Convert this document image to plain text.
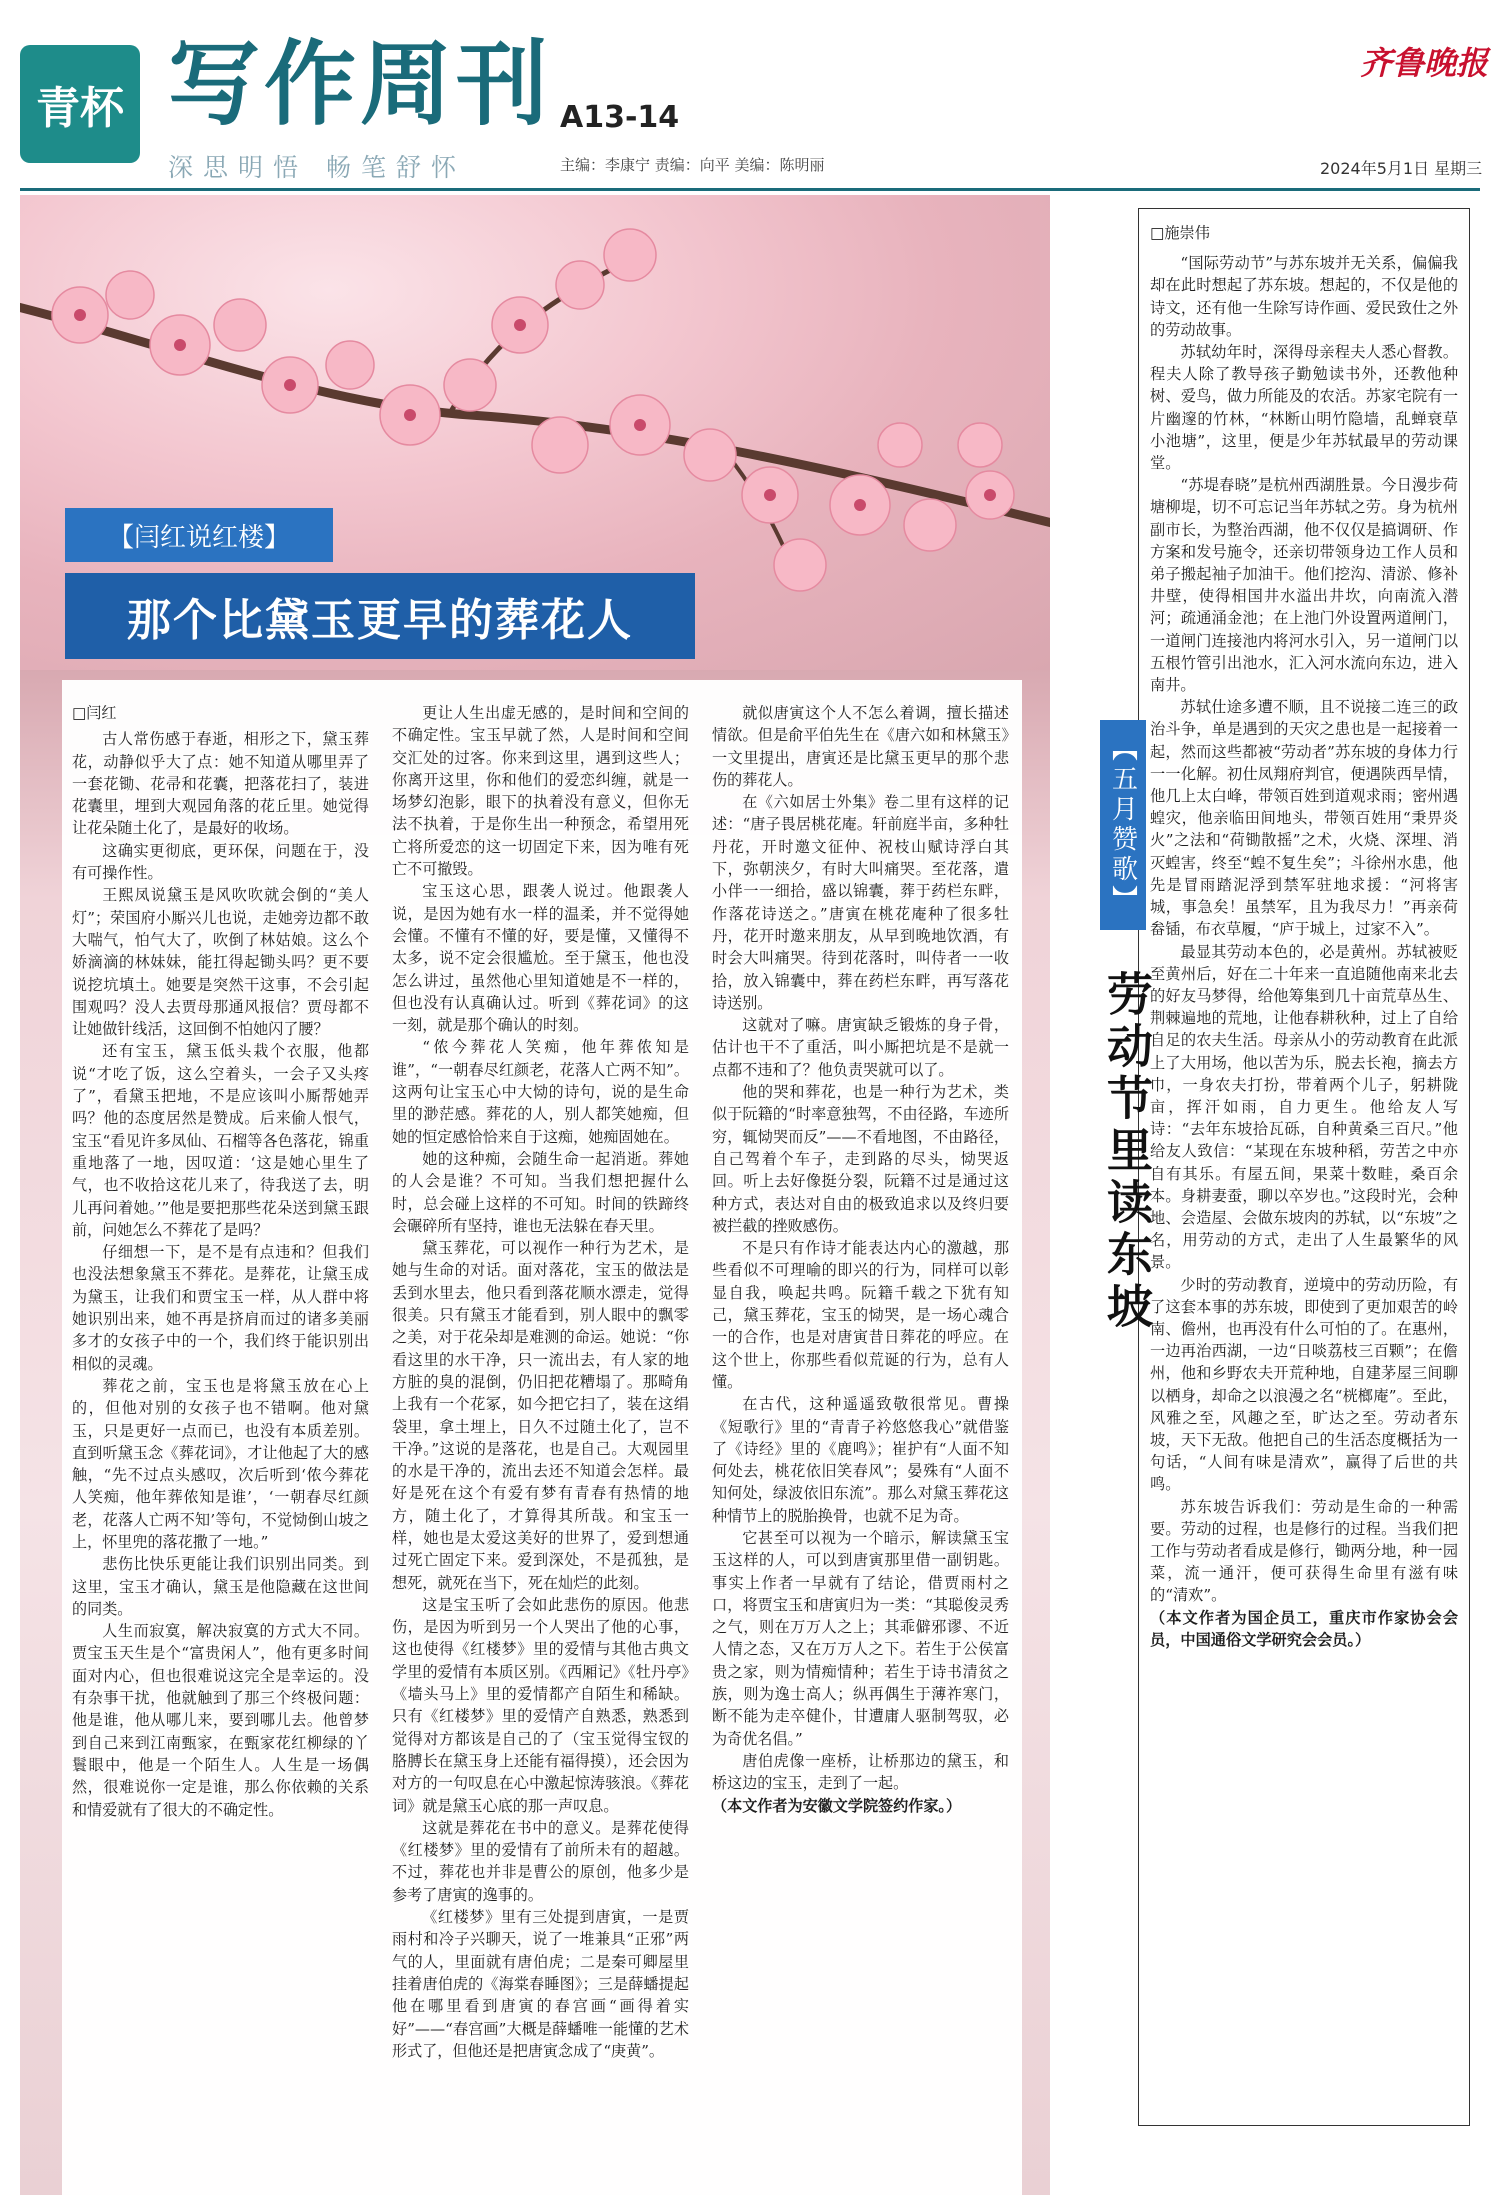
青杯 写作周刊 A13-14
深思明悟 畅笔舒怀	主编：李康宁 责编：向平 美编：陈明丽
齐鲁晚报
2024年5月1日 星期三
【闫红说红楼】
那个比黛玉更早的葬花人

□闫红

古人常伤感于春逝，相形之下，黛玉葬花，动静似乎大了点：她不知道从哪里弄了一套花锄、花帚和花囊，把落花扫了，装进花囊里，埋到大观园角落的花丘里。她觉得让花朵随土化了，是最好的收场。

这确实更彻底，更环保，问题在于，没有可操作性。

王熙凤说黛玉是风吹吹就会倒的“美人灯”；荣国府小厮兴儿也说，走她旁边都不敢大喘气，怕气大了，吹倒了林姑娘。这么个娇滴滴的林妹妹，能扛得起锄头吗？更不要说挖坑填土。她要是突然干这事，不会引起围观吗？没人去贾母那通风报信？贾母都不让她做针线活，这回倒不怕她闪了腰？

还有宝玉，黛玉低头栽个衣服，他都说“才吃了饭，这么空着头，一会子又头疼了”，看黛玉把地，不是应该叫小厮帮她弄吗？他的态度居然是赞成。后来偷人恨气，宝玉“看见许多凤仙、石榴等各色落花，锦重重地落了一地，因叹道：‘这是她心里生了气，也不收拾这花儿来了，待我送了去，明儿再问着她。’”他是要把那些花朵送到黛玉跟前，问她怎么不葬花了是吗？

仔细想一下，是不是有点违和？但我们也没法想象黛玉不葬花。是葬花，让黛玉成为黛玉，让我们和贾宝玉一样，从人群中将她识别出来，她不再是挤肩而过的诸多美丽多才的女孩子中的一个，我们终于能识别出相似的灵魂。

葬花之前，宝玉也是将黛玉放在心上的，但他对别的女孩子也不错啊。他对黛玉，只是更好一点而已，也没有本质差别。直到听黛玉念《葬花词》，才让他起了大的感触，“先不过点头感叹，次后听到‘侬今葬花人笑痴，他年葬侬知是谁’，‘一朝春尽红颜老，花落人亡两不知’等句，不觉恸倒山坡之上，怀里兜的落花撒了一地。”

悲伤比快乐更能让我们识别出同类。到这里，宝玉才确认，黛玉是他隐藏在这世间的同类。

人生而寂寞，解决寂寞的方式大不同。贾宝玉天生是个“富贵闲人”，他有更多时间面对内心，但也很难说这完全是幸运的。没有杂事干扰，他就触到了那三个终极问题：他是谁，他从哪儿来，要到哪儿去。他曾梦到自己来到江南甄家，在甄家花红柳绿的丫鬟眼中，他是一个陌生人。人生是一场偶然，很难说你一定是谁，那么你依赖的关系和情爱就有了很大的不确定性。

更让人生出虚无感的，是时间和空间的不确定性。宝玉早就了然，人是时间和空间交汇处的过客。你来到这里，遇到这些人；你离开这里，你和他们的爱恋纠缠，就是一场梦幻泡影，眼下的执着没有意义，但你无法不执着，于是你生出一种预念，希望用死亡将所爱恋的这一切固定下来，因为唯有死亡不可撤毁。

宝玉这心思，跟袭人说过。他跟袭人说，是因为她有水一样的温柔，并不觉得她会懂。不懂有不懂的好，要是懂，又懂得不太多，说不定会很尴尬。至于黛玉，他也没怎么讲过，虽然他心里知道她是不一样的，但也没有认真确认过。听到《葬花词》的这一刻，就是那个确认的时刻。

“侬今葬花人笑痴，他年葬侬知是谁”，“一朝春尽红颜老，花落人亡两不知”。这两句让宝玉心中大恸的诗句，说的是生命里的渺茫感。葬花的人，别人都笑她痴，但她的恒定感恰恰来自于这痴，她痴固她在。

她的这种痴，会随生命一起消逝。葬她的人会是谁？不可知。当我们想把握什么时，总会碰上这样的不可知。时间的铁蹄终会碾碎所有坚持，谁也无法躲在春天里。

黛玉葬花，可以视作一种行为艺术，是她与生命的对话。面对落花，宝玉的做法是丢到水里去，他只看到落花顺水漂走，觉得很美。只有黛玉才能看到，别人眼中的飘零之美，对于花朵却是难测的命运。她说：“你看这里的水干净，只一流出去，有人家的地方脏的臭的混倒，仍旧把花糟塌了。那畸角上我有一个花冢，如今把它扫了，装在这绢袋里，拿土埋上，日久不过随土化了，岂不干净。”这说的是落花，也是自己。大观园里的水是干净的，流出去还不知道会怎样。最好是死在这个有爱有梦有青春有热情的地方，随土化了，才算得其所哉。和宝玉一样，她也是太爱这美好的世界了，爱到想通过死亡固定下来。爱到深处，不是孤独，是想死，就死在当下，死在灿烂的此刻。

这是宝玉听了会如此悲伤的原因。他悲伤，是因为听到另一个人哭出了他的心事，这也使得《红楼梦》里的爱情与其他古典文学里的爱情有本质区别。《西厢记》《牡丹亭》《墙头马上》里的爱情都产自陌生和稀缺。只有《红楼梦》里的爱情产自熟悉，熟悉到觉得对方都该是自己的了（宝玉觉得宝钗的胳膊长在黛玉身上还能有福得摸），还会因为对方的一句叹息在心中激起惊涛骇浪。《葬花词》就是黛玉心底的那一声叹息。

这就是葬花在书中的意义。是葬花使得《红楼梦》里的爱情有了前所未有的超越。不过，葬花也并非是曹公的原创，他多少是参考了唐寅的逸事的。

《红楼梦》里有三处提到唐寅，一是贾雨村和冷子兴聊天，说了一堆兼具“正邪”两气的人，里面就有唐伯虎；二是秦可卿屋里挂着唐伯虎的《海棠春睡图》；三是薛蟠提起他在哪里看到唐寅的春宫画“画得着实好”——“春宫画”大概是薛蟠唯一能懂的艺术形式了，但他还是把唐寅念成了“庚黄”。

就似唐寅这个人不怎么着调，擅长描述情欲。但是俞平伯先生在《唐六如和林黛玉》一文里提出，唐寅还是比黛玉更早的那个悲伤的葬花人。

在《六如居士外集》卷二里有这样的记述：“唐子畏居桃花庵。轩前庭半亩，多种牡丹花，开时邀文征仲、祝枝山赋诗浮白其下，弥朝浃夕，有时大叫痛哭。至花落，遣小伴一一细拾，盛以锦囊，葬于药栏东畔，作落花诗送之。”唐寅在桃花庵种了很多牡丹，花开时邀来朋友，从早到晚地饮酒，有时会大叫痛哭。待到花落时，叫侍者一一收拾，放入锦囊中，葬在药栏东畔，再写落花诗送别。

这就对了嘛。唐寅缺乏锻炼的身子骨，估计也干不了重活，叫小厮把坑是不是就一点都不违和了？他负责哭就可以了。

他的哭和葬花，也是一种行为艺术，类似于阮籍的“时率意独驾，不由径路，车迹所穷，辄恸哭而反”——不看地图，不由路径，自己驾着个车子，走到路的尽头，恸哭返回。听上去好像挺分裂，阮籍不过是通过这种方式，表达对自由的极致追求以及终归要被拦截的挫败感伤。

不是只有作诗才能表达内心的激越，那些看似不可理喻的即兴的行为，同样可以彰显自我，唤起共鸣。阮籍千载之下犹有知己，黛玉葬花，宝玉的恸哭，是一场心魂合一的合作，也是对唐寅昔日葬花的呼应。在这个世上，你那些看似荒诞的行为，总有人懂。

在古代，这种遥遥致敬很常见。曹操《短歌行》里的“青青子衿悠悠我心”就借鉴了《诗经》里的《鹿鸣》；崔护有“人面不知何处去，桃花依旧笑春风”；晏殊有“人面不知何处，绿波依旧东流”。那么对黛玉葬花这种情节上的脱胎换骨，也就不足为奇。

它甚至可以视为一个暗示，解读黛玉宝玉这样的人，可以到唐寅那里借一副钥匙。事实上作者一早就有了结论，借贾雨村之口，将贾宝玉和唐寅归为一类：“其聪俊灵秀之气，则在万万人之上；其乖僻邪谬、不近人情之态，又在万万人之下。若生于公侯富贵之家，则为情痴情种；若生于诗书清贫之族，则为逸士高人；纵再偶生于薄祚寒门，断不能为走卒健仆，甘遭庸人驱制驾驭，必为奇优名倡。”

唐伯虎像一座桥，让桥那边的黛玉，和桥这边的宝玉，走到了一起。

（本文作者为安徽文学院签约作家。）

【五月赞歌】
劳动节里读东坡

□施崇伟

“国际劳动节”与苏东坡并无关系，偏偏我却在此时想起了苏东坡。想起的，不仅是他的诗文，还有他一生除写诗作画、爱民致仕之外的劳动故事。

苏轼幼年时，深得母亲程夫人悉心督教。程夫人除了教导孩子勤勉读书外，还教他种树、爱鸟，做力所能及的农活。苏家宅院有一片幽邃的竹林，“林断山明竹隐墙，乱蝉衰草小池塘”，这里，便是少年苏轼最早的劳动课堂。

“苏堤春晓”是杭州西湖胜景。今日漫步荷塘柳堤，切不可忘记当年苏轼之劳。身为杭州副市长，为整治西湖，他不仅仅是搞调研、作方案和发号施令，还亲切带领身边工作人员和弟子搬起袖子加油干。他们挖沟、清淤、修补井壁，使得相国井水溢出井坎，向南流入潜河；疏通涌金池；在上池门外设置两道闸门，一道闸门连接池内将河水引入，另一道闸门以五根竹管引出池水，汇入河水流向东边，进入南井。

苏轼仕途多遭不顺，且不说接二连三的政治斗争，单是遇到的天灾之患也是一起接着一起，然而这些都被“劳动者”苏东坡的身体力行一一化解。初仕凤翔府判官，便遇陕西旱情，他几上太白峰，带领百姓到道观求雨；密州遇蝗灾，他亲临田间地头，带领百姓用“秉畀炎火”之法和“荷锄散摇”之术，火烧、深埋、消灭蝗害，终至“蝗不复生矣”；斗徐州水患，他先是冒雨踏泥浮到禁军驻地求援：“河将害城，事急矣！虽禁军，且为我尽力！”再亲荷畚锸，布衣草履，“庐于城上，过家不入”。

最显其劳动本色的，必是黄州。苏轼被贬至黄州后，好在二十年来一直追随他南来北去的好友马梦得，给他筹集到几十亩荒草丛生、荆棘遍地的荒地，让他春耕秋种，过上了自给自足的农夫生活。母亲从小的劳动教育在此派上了大用场，他以苦为乐，脱去长袍，摘去方巾，一身农夫打扮，带着两个儿子，躬耕陇亩，挥汗如雨，自力更生。他给友人写诗：“去年东坡拾瓦砾，自种黄桑三百尺。”他给友人致信：“某现在东坡种稻，劳苦之中亦自有其乐。有屋五间，果菜十数畦，桑百余本。身耕妻蚕，聊以卒岁也。”这段时光，会种地、会造屋、会做东坡肉的苏轼，以“东坡”之名，用劳动的方式，走出了人生最繁华的风景。

少时的劳动教育，逆境中的劳动历险，有了这套本事的苏东坡，即使到了更加艰苦的岭南、儋州，也再没有什么可怕的了。在惠州，一边再治西湖，一边“日啖荔枝三百颗”；在儋州，他和乡野农夫开荒种地，自建茅屋三间聊以栖身，却命之以浪漫之名“桄榔庵”。至此，风雅之至，风趣之至，旷达之至。劳动者东坡，天下无敌。他把自己的生活态度概括为一句话，“人间有味是清欢”，赢得了后世的共鸣。

苏东坡告诉我们：劳动是生命的一种需要。劳动的过程，也是修行的过程。当我们把工作与劳动者看成是修行，锄两分地，种一园菜，流一通汗，便可获得生命里有滋有味的“清欢”。

（本文作者为国企员工，重庆市作家协会会员，中国通俗文学研究会会员。）
